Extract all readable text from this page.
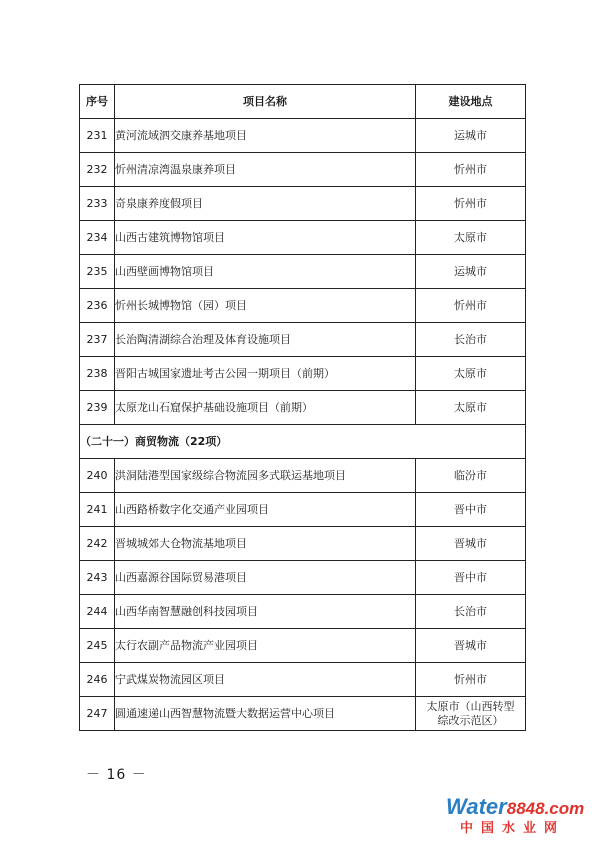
序号	项目名称	建设地点
231	黄河流域泗交康养基地项目	运城市
232	忻州清凉湾温泉康养项目	忻州市
233	奇泉康养度假项目	忻州市
234	山西古建筑博物馆项目	太原市
235	山西壁画博物馆项目	运城市
236	忻州长城博物馆（园）项目	忻州市
237	长治陶清湖综合治理及体育设施项目	长治市
238	晋阳古城国家遗址考古公园一期项目（前期）	太原市
239	太原龙山石窟保护基础设施项目（前期）	太原市
（二十一）商贸物流（22项）		
240	洪洞陆港型国家级综合物流园多式联运基地项目	临汾市
241	山西路桥数字化交通产业园项目	晋中市
242	晋城城郊大仓物流基地项目	晋城市
243	山西嘉源谷国际贸易港项目	晋中市
244	山西华南智慧融创科技园项目	长治市
245	太行农副产品物流产业园项目	晋城市
246	宁武煤炭物流园区项目	忻州市
247	圆通速递山西智慧物流暨大数据运营中心项目	太原市（山西转型
综改示范区）
－ 16 －
Water8848.com
中国水业网
